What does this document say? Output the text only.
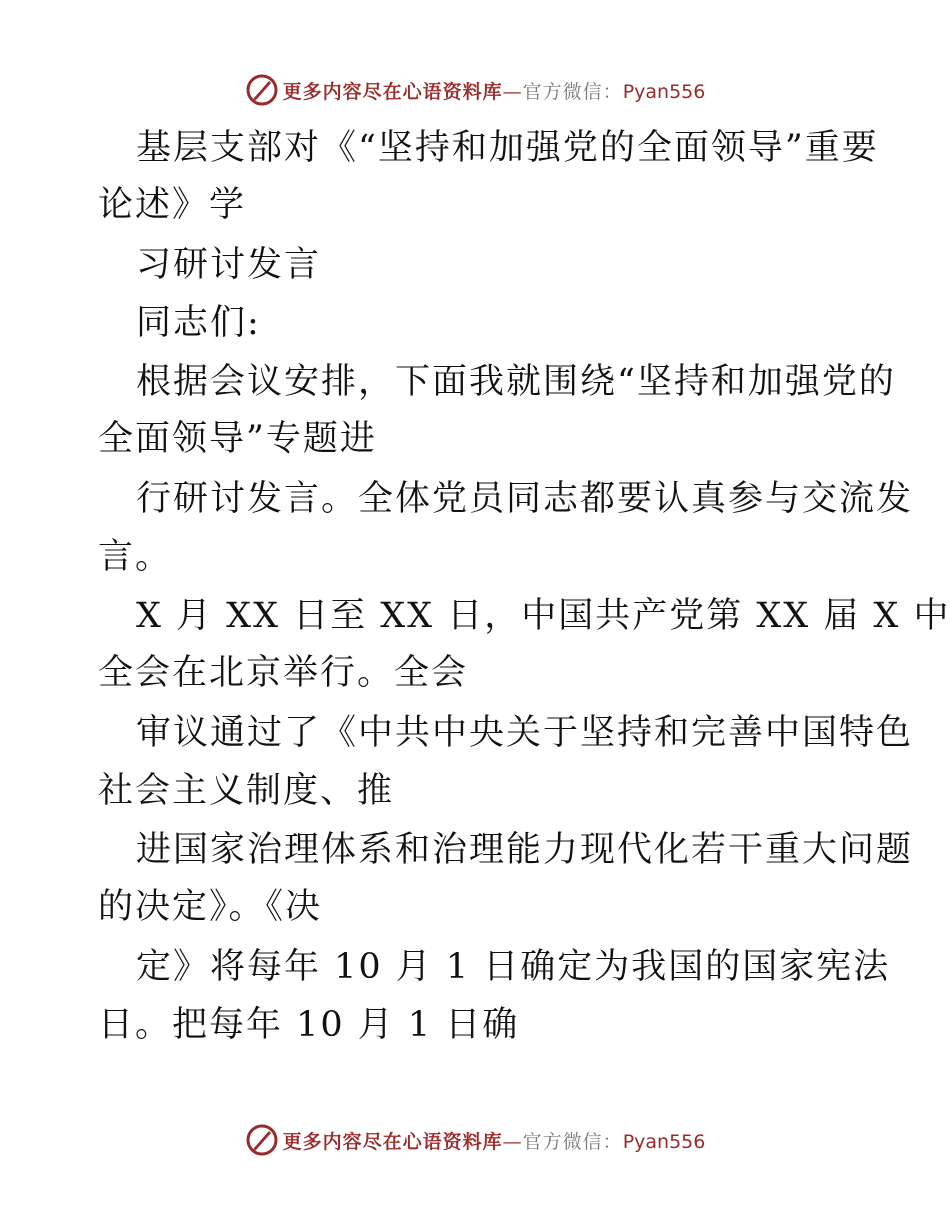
更多内容尽在心语资料库—官方微信：Pyan556
基层支部对《“坚持和加强党的全面领导”重要
论述》学
习研讨发言
同志们:
根据会议安排，下面我就围绕“坚持和加强党的
全面领导”专题进
行研讨发言。全体党员同志都要认真参与交流发
言。
X 月 XX 日至 XX 日，中国共产党第 XX 届 X 中
全会在北京举行。全会
审议通过了《中共中央关于坚持和完善中国特色
社会主义制度、推
进国家治理体系和治理能力现代化若干重大问题
的决定》。《决
定》将每年 10 月 1 日确定为我国的国家宪法
日。把每年 10 月 1 日确
更多内容尽在心语资料库—官方微信：Pyan556
